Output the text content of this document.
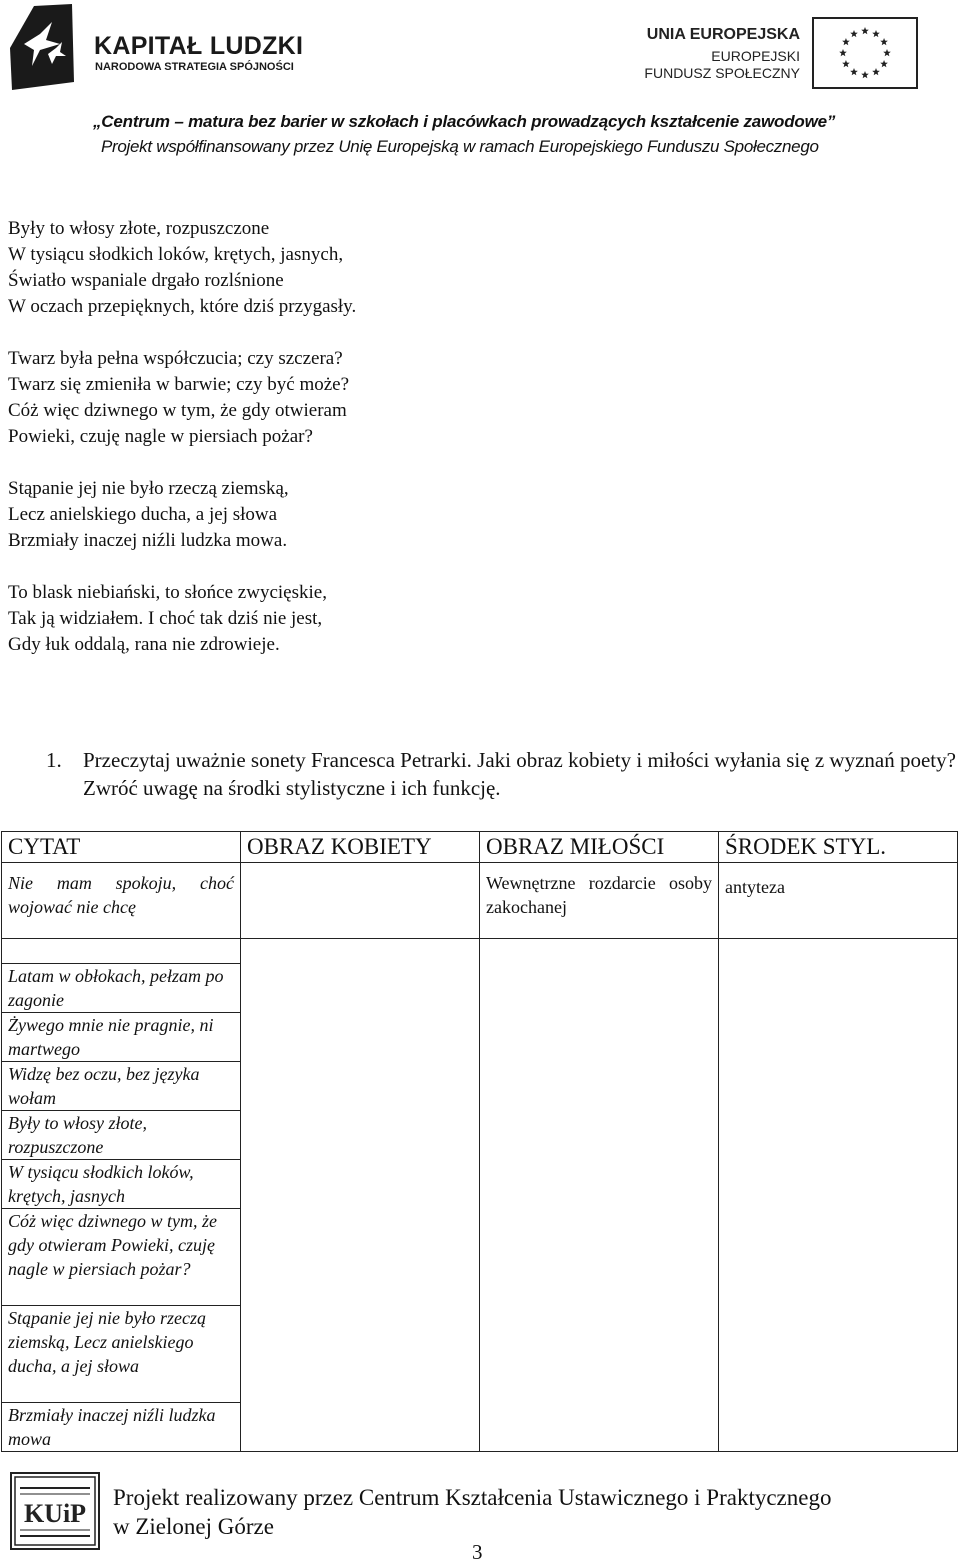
KAPITAŁ LUDZKI
NARODOWA STRATEGIA SPÓJNOŚCI
UNIA EUROPEJSKA
EUROPEJSKI
FUNDUSZ SPOŁECZNY
„Centrum – matura bez barier w szkołach i placówkach prowadzących kształcenie zawodowe”
Projekt współfinansowany przez Unię Europejską w ramach Europejskiego Funduszu Społecznego
Były to włosy złote, rozpuszczone
W tysiącu słodkich loków, krętych, jasnych,
Światło wspaniale drgało rozlśnione
W oczach przepięknych, które dziś przygasły.
Twarz była pełna współczucia; czy szczera?
Twarz się zmieniła w barwie; czy być może?
Cóż więc dziwnego w tym, że gdy otwieram
Powieki, czuję nagle w piersiach pożar?
Stąpanie jej nie było rzeczą ziemską,
Lecz anielskiego ducha, a jej słowa
Brzmiały inaczej niźli ludzka mowa.
To blask niebiański, to słońce zwycięskie,
Tak ją widziałem. I choć tak dziś nie jest,
Gdy łuk oddalą, rana nie zdrowieje.
1. Przeczytaj uważnie sonety Francesca Petrarki. Jaki obraz kobiety i miłości wyłania się z wyznań poety? Zwróć uwagę na środki stylistyczne i ich funkcję.
CYTAT	OBRAZ KOBIETY	OBRAZ MIŁOŚCI	ŚRODEK STYL.
Nie mam spokoju, choć wojować nie chcę		Wewnętrzne rozdarcie osoby zakochanej	antyteza

Latam w obłokach, pełzam po zagonie			
Żywego mnie nie pragnie, ni martwego			
Widzę bez oczu, bez języka wołam			
Były to włosy złote, rozpuszczone			
W tysiącu słodkich loków, krętych, jasnych			
Cóż więc dziwnego w tym, że gdy otwieram Powieki, czuję nagle w piersiach pożar?			
Stąpanie jej nie było rzeczą ziemską, Lecz anielskiego ducha, a jej słowa			
Brzmiały inaczej niźli ludzka mowa			
KUiP
Projekt realizowany przez Centrum Kształcenia Ustawicznego i Praktycznego
w Zielonej Górze
3
